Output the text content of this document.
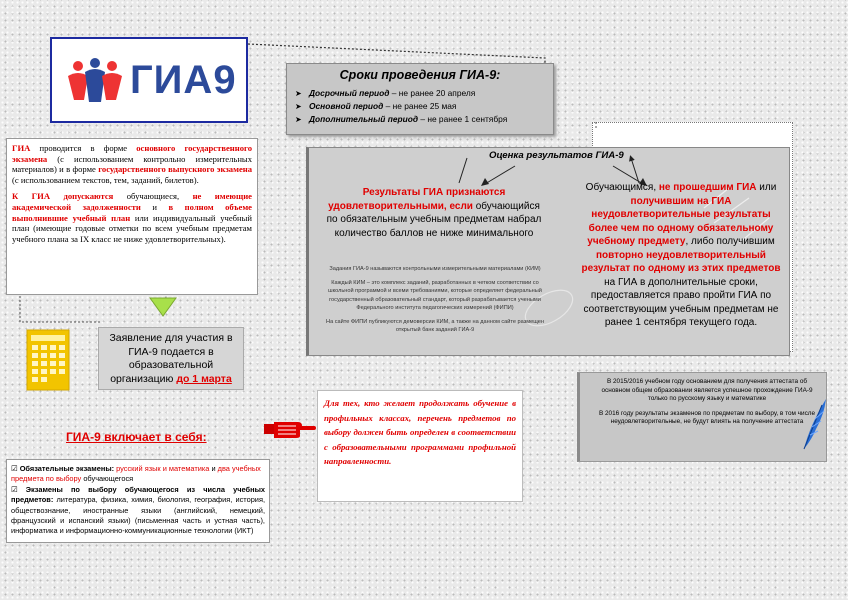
ГИА9	Сроки проведения ГИА-9:
➤ Досрочный период – не ранее 20 апреля
➤ Основной период – не ранее 25 мая
➤ Дополнительный период – не ранее 1 сентября

ГИА проводится в форме основного государственного экзамена (с использованием контрольно измерительных материалов) и в форме государственного выпускного экзамена (с использованием текстов, тем, заданий, билетов).

К ГИА допускаются обучающиеся, не имеющие академической задолженности и в полном объеме выполнившие учебный план или индивидуальный учебный план (имеющие годовые отметки по всем учебным предметам учебного плана за IX класс не ниже удовлетворительных).

Заявление для участия в ГИА-9 подается в образовательной организацию до 1 марта
ГИА-9 включает в себя:
☑ Обязательные экзамены: русский язык и математика и два учебных предмета по выбору обучающегося
☑ Экзамены по выбору обучающегося из числа учебных предметов: литература, физика, химия, биология, география, история, обществознание, иностранные языки (английский, немецкий, французский и испанский языки) (письменная часть и устная часть), информатика и информационно-коммуникационные технологии (ИКТ)
Оценка результатов ГИА-9
Результаты ГИА признаются удовлетворительными, если обучающийся по обязательным учебным предметам набрал количество баллов не ниже минимального

Задания ГИА-9 называются контрольными измерительными материалами (КИМ)

Каждый КИМ – это комплекс заданий, разработанных в четком соответствии со школьной программой и всеми требованиями, которые определяет федеральный государственный образовательный стандарт, который разрабатывается учеными Федерального института педагогических измерений (ФИПИ)

На сайте ФИПИ публикуются демоверсии КИМ, а также на данном сайте размещен открытый банк заданий ГИА-9

Обучающимся, не прошедшим ГИА или получившим на ГИА неудовлетворительные результаты более чем по одному обязательному учебному предмету, либо получившим повторно неудовлетворительный результат по одному из этих предметов на ГИА в дополнительные сроки, предоставляется право пройти ГИА по соответствующим учебным предметам не ранее 1 сентября текущего года.
Для тех, кто желает продолжать обучение в профильных классах, перечень предметов по выбору должен быть определен в соответствии с образовательными программами профильной направленности.

В 2015/2016 учебном году основанием для получения аттестата об основном общем образовании является успешное прохождение ГИА-9 только по русскому языку и математике

В 2016 году результаты экзаменов по предметам по выбору, в том числе неудовлетворительные, не будут влиять на получение аттестата
